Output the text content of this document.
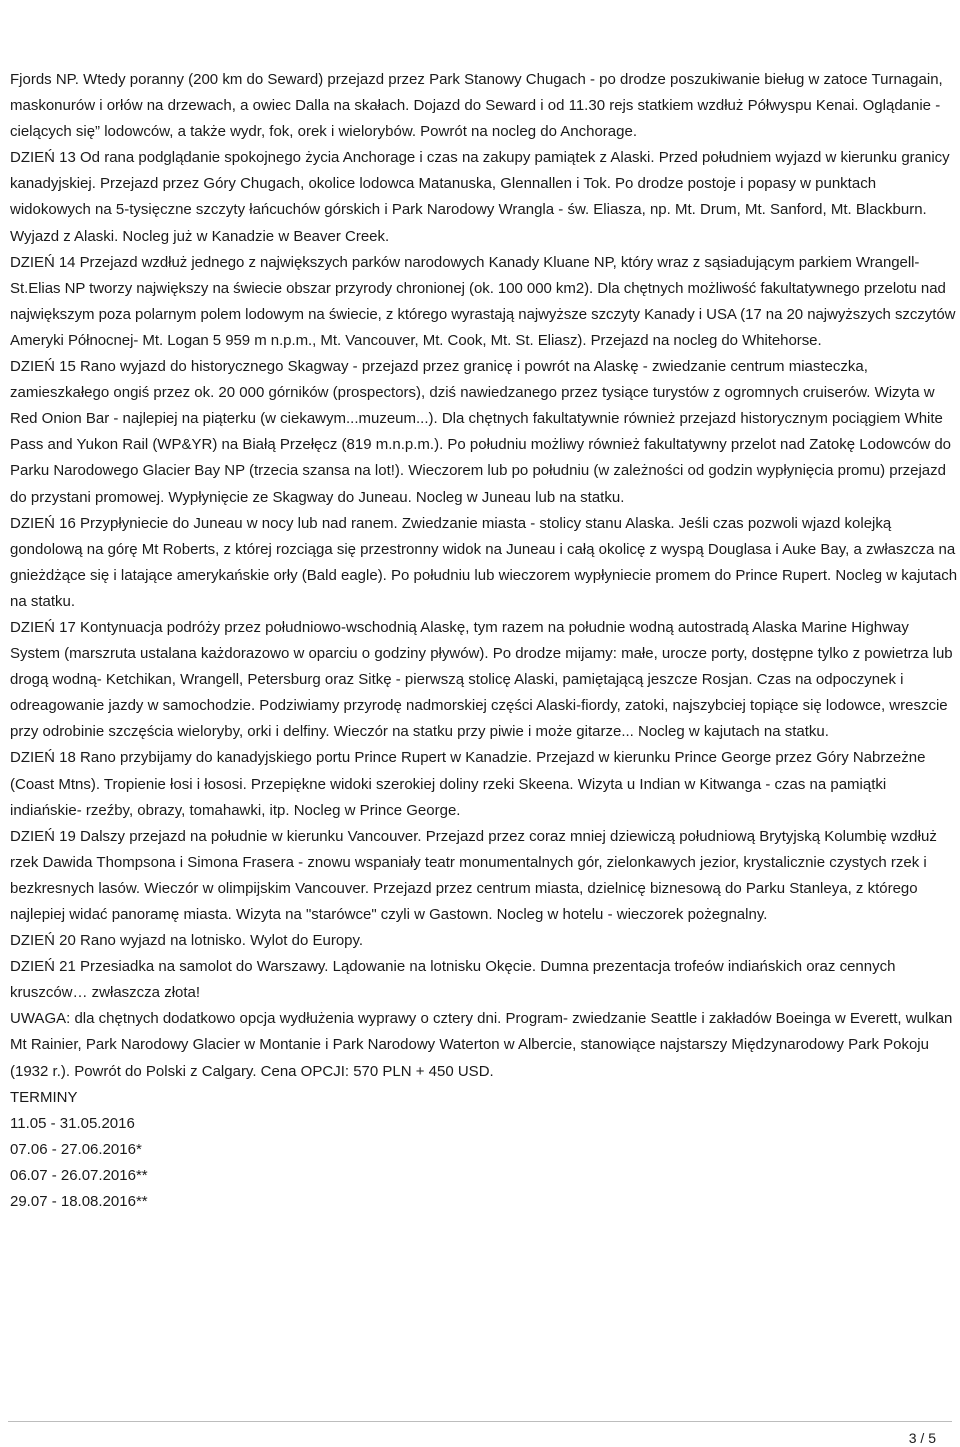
Fjords NP. Wtedy poranny (200 km do Seward) przejazd przez Park Stanowy Chugach - po drodze poszukiwanie bieług w zatoce Turnagain, maskonurów i orłów na drzewach, a owiec Dalla na skałach. Dojazd do Seward i od 11.30 rejs statkiem wzdłuż Półwyspu Kenai. Oglądanie -cielących się” lodowców, a także wydr, fok, orek i wielorybów. Powrót na nocleg do Anchorage.

DZIEŃ 13 Od rana podglądanie spokojnego życia Anchorage i czas na zakupy pamiątek z Alaski. Przed południem wyjazd w kierunku granicy kanadyjskiej. Przejazd przez Góry Chugach, okolice lodowca Matanuska, Glennallen i Tok. Po drodze postoje i popasy w punktach widokowych na 5-tysięczne szczyty łańcuchów górskich i Park Narodowy Wrangla - św. Eliasza, np. Mt. Drum, Mt. Sanford, Mt. Blackburn. Wyjazd z Alaski. Nocleg już w Kanadzie w Beaver Creek.

DZIEŃ 14 Przejazd wzdłuż jednego z największych parków narodowych Kanady Kluane NP, który wraz z sąsiadującym parkiem Wrangell-St.Elias NP tworzy największy na świecie obszar przyrody chronionej (ok. 100 000 km2). Dla chętnych możliwość fakultatywnego przelotu nad największym poza polarnym polem lodowym na świecie, z którego wyrastają najwyższe szczyty Kanady i USA (17 na 20 najwyższych szczytów Ameryki Północnej- Mt. Logan 5 959 m n.p.m., Mt. Vancouver, Mt. Cook, Mt. St. Eliasz). Przejazd na nocleg do Whitehorse.

DZIEŃ 15 Rano wyjazd do historycznego Skagway - przejazd przez granicę i powrót na Alaskę - zwiedzanie centrum miasteczka, zamieszkałego ongiś przez ok. 20 000 górników (prospectors), dziś nawiedzanego przez tysiące turystów z ogromnych cruiserów. Wizyta w Red Onion Bar - najlepiej na piąterku (w ciekawym...muzeum...). Dla chętnych fakultatywnie również przejazd historycznym pociągiem White Pass and Yukon Rail (WP&YR) na Białą Przełęcz (819 m.n.p.m.). Po południu możliwy również fakultatywny przelot nad Zatokę Lodowców do Parku Narodowego Glacier Bay NP (trzecia szansa na lot!). Wieczorem lub po południu (w zależności od godzin wypłynięcia promu) przejazd do przystani promowej. Wypłynięcie ze Skagway do Juneau. Nocleg w Juneau lub na statku.

DZIEŃ 16 Przypłyniecie do Juneau w nocy lub nad ranem. Zwiedzanie miasta - stolicy stanu Alaska. Jeśli czas pozwoli wjazd kolejką gondolową na górę Mt Roberts, z której rozciąga się przestronny widok na Juneau i całą okolicę z wyspą Douglasa i Auke Bay, a zwłaszcza na gnieżdżące się i latające amerykańskie orły (Bald eagle). Po południu lub wieczorem wypłyniecie promem do Prince Rupert. Nocleg w kajutach na statku.

DZIEŃ 17 Kontynuacja podróży przez południowo-wschodnią Alaskę, tym razem na południe wodną autostradą Alaska Marine Highway System (marszruta ustalana każdorazowo w oparciu o godziny pływów). Po drodze mijamy: małe, urocze porty, dostępne tylko z powietrza lub drogą wodną- Ketchikan, Wrangell, Petersburg oraz Sitkę - pierwszą stolicę Alaski, pamiętającą jeszcze Rosjan. Czas na odpoczynek i odreagowanie jazdy w samochodzie. Podziwiamy przyrodę nadmorskiej części Alaski-fiordy, zatoki, najszybciej topiące się lodowce, wreszcie przy odrobinie szczęścia wieloryby, orki i delfiny. Wieczór na statku przy piwie i może gitarze... Nocleg w kajutach na statku.

DZIEŃ 18 Rano przybijamy do kanadyjskiego portu Prince Rupert w Kanadzie. Przejazd w kierunku Prince George przez Góry Nabrzeżne (Coast Mtns). Tropienie łosi i łososi. Przepiękne widoki szerokiej doliny rzeki Skeena. Wizyta u Indian w Kitwanga - czas na pamiątki indiańskie- rzeźby, obrazy, tomahawki, itp. Nocleg w Prince George.

DZIEŃ 19 Dalszy przejazd na południe w kierunku Vancouver. Przejazd przez coraz mniej dziewiczą południową Brytyjską Kolumbię wzdłuż rzek Dawida Thompsona i Simona Frasera - znowu wspaniały teatr monumentalnych gór, zielonkawych jezior, krystalicznie czystych rzek i bezkresnych lasów. Wieczór w olimpijskim Vancouver. Przejazd przez centrum miasta, dzielnicę biznesową do Parku Stanleya, z którego najlepiej widać panoramę miasta. Wizyta na "starówce" czyli w Gastown. Nocleg w hotelu - wieczorek pożegnalny.

DZIEŃ 20 Rano wyjazd na lotnisko. Wylot do Europy.

DZIEŃ 21 Przesiadka na samolot do Warszawy. Lądowanie na lotnisku Okęcie. Dumna prezentacja trofeów indiańskich oraz cennych kruszców… zwłaszcza złota!

UWAGA: dla chętnych dodatkowo opcja wydłużenia wyprawy o cztery dni. Program- zwiedzanie Seattle i zakładów Boeinga w Everett, wulkan Mt Rainier, Park Narodowy Glacier w Montanie i Park Narodowy Waterton w Albercie, stanowiące najstarszy Międzynarodowy Park Pokoju (1932 r.). Powrót do Polski z Calgary. Cena OPCJI: 570 PLN + 450 USD.

TERMINY

11.05 - 31.05.2016

07.06 - 27.06.2016*

06.07 - 26.07.2016**

29.07 - 18.08.2016**

3 / 5
